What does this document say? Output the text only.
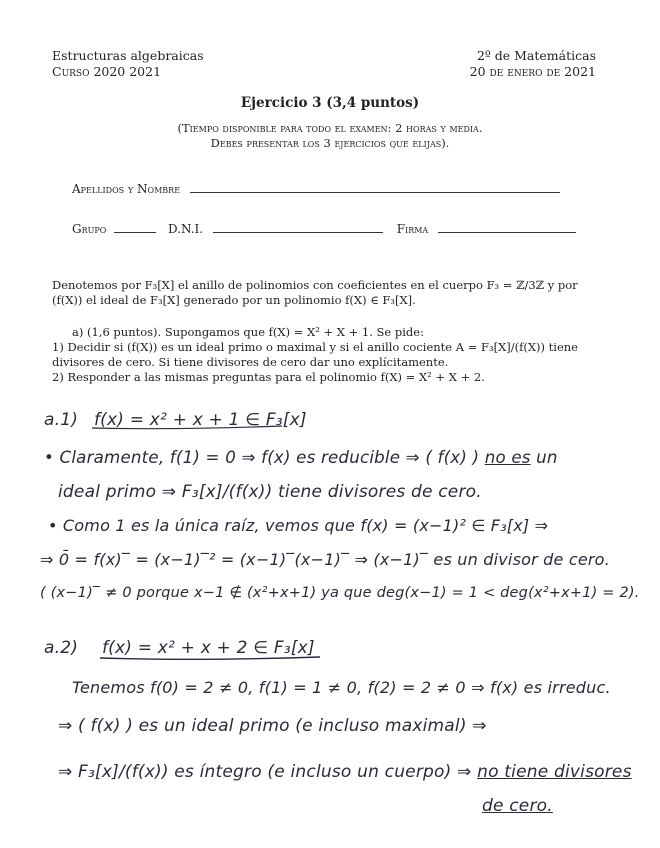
Estructuras algebraicas
Curso 2020 2021
2º de Matemáticas
20 de enero de 2021
Ejercicio 3 (3,4 puntos)
(Tiempo disponible para todo el examen: 2 horas y media.
Debes presentar los 3 ejercicios que elijas).
Apellidos y Nombre
Grupo	D.N.I.	Firma

Denotemos por F₃[X] el anillo de polinomios con coeficientes en el cuerpo F₃ = ℤ/3ℤ y por (f(X)) el ideal de F₃[X] generado por un polinomio f(X) ∈ F₃[X].

a) (1,6 puntos). Supongamos que f(X) = X² + X + 1. Se pide:

1) Decidir si (f(X)) es un ideal primo o maximal y si el anillo cociente A = F₃[X]/(f(X)) tiene divisores de cero. Si tiene divisores de cero dar uno explícitamente.

2) Responder a las mismas preguntas para el polinomio f(X) = X² + X + 2.

a.1) f(x) = x² + x + 1 ∈ F₃[x]
• Claramente, f(1) = 0 ⇒ f(x) es reducible ⇒ ( f(x) ) no es un
ideal primo ⇒ F₃[x]/(f(x)) tiene divisores de cero.
• Como 1 es la única raíz, vemos que f(x) = (x−1)² ∈ F₃[x] ⇒
⇒ 0̄ = f(x)‾ = (x−1)‾² = (x−1)‾(x−1)‾ ⇒ (x−1)‾ es un divisor de cero.
( (x−1)‾ ≠ 0 porque x−1 ∉ (x²+x+1) ya que deg(x−1) = 1 < deg(x²+x+1) = 2).
a.2) f(x) = x² + x + 2 ∈ F₃[x]
Tenemos f(0) = 2 ≠ 0, f(1) = 1 ≠ 0, f(2) = 2 ≠ 0 ⇒ f(x) es irreduc.
⇒ ( f(x) ) es un ideal primo (e incluso maximal) ⇒
⇒ F₃[x]/(f(x)) es íntegro (e incluso un cuerpo) ⇒ no tiene divisores
de cero.
